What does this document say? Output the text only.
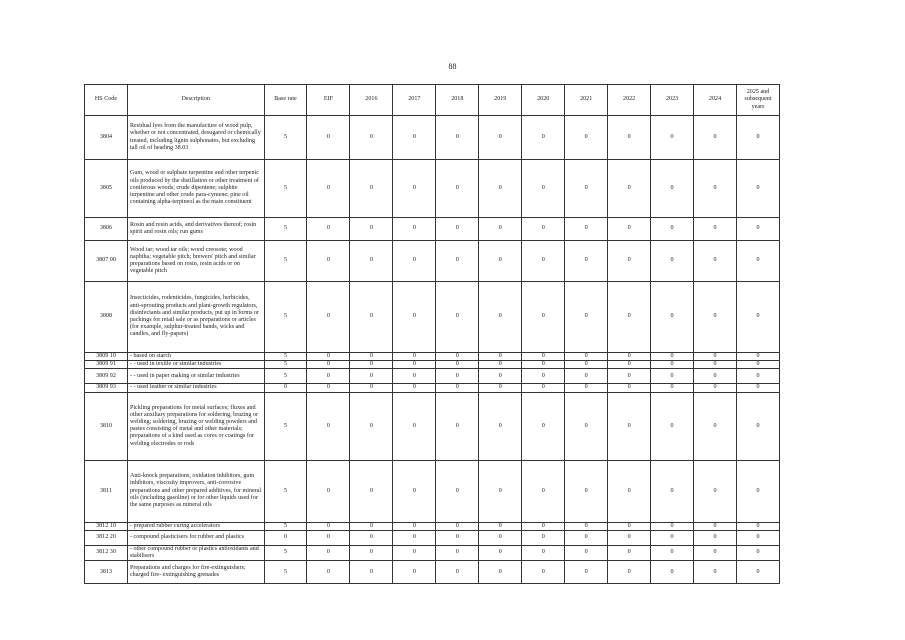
88
HS Code	Description	Base rate	EIF	2016	2017	2018	2019	2020	2021	2022	2023	2024	2025 and subsequent years
3804	Residual lyes from the manufacture of wood pulp, whether or not concentrated, desugared or chemically treated, including lignin sulphonates, but excluding tall oil of heading 38.03	5	0	0	0	0	0	0	0	0	0	0	0
3805	Gum, wood or sulphate turpentine and other terpenic oils produced by the distillation or other treatment of coniferous woods; crude dipentene; sulphite turpentine and other crude para-cymene; pine oil containing alpha-terpineol as the main constituent	5	0	0	0	0	0	0	0	0	0	0	0
3806	Rosin and resin acids, and derivatives thereof; rosin spirit and rosin oils; run gums	5	0	0	0	0	0	0	0	0	0	0	0
3807 00	Wood tar; wood tar oils; wood creosote; wood naphtha; vegetable pitch; brewers' pitch and similar preparations based on rosin, resin acids or on vegetable pitch	5	0	0	0	0	0	0	0	0	0	0	0
3808	Insecticides, rodenticides, fungicides, herbicides, anti-sprouting products and plant-growth regulators, disinfectants and similar products, put up in forms or packings for retail sale or as preparations or articles (for example, sulphur-treated bands, wicks and candles, and fly-papers)	5	0	0	0	0	0	0	0	0	0	0	0
3809 10	- based on starch	5	0	0	0	0	0	0	0	0	0	0	0
3809 91	- - used in textile or similar industries	5	0	0	0	0	0	0	0	0	0	0	0
3809 92	- - used in paper making or similar industries	5	0	0	0	0	0	0	0	0	0	0	0
3809 93	- - used leather or similar industries	0	0	0	0	0	0	0	0	0	0	0	0
3810	Pickling preparations for metal surfaces; fluxes and other auxiliary preparations for soldering, brazing or welding; soldering, brazing or welding powders and pastes consisting of metal and other materials; preparations of a kind used as cores or coatings for welding electrodes or rods	5	0	0	0	0	0	0	0	0	0	0	0
3811	Anti-knock preparations, oxidation inhibitors, gum inhibitors, viscosity improvers, anti-corrosive preparations and other prepared additives, for mineral oils (including gasoline) or for other liquids used for the same purposes as mineral oils	5	0	0	0	0	0	0	0	0	0	0	0
3812 10	- prepared rubber curing accelerators	5	0	0	0	0	0	0	0	0	0	0	0
3812 20	- compound plasticisers for rubber and plastics	0	0	0	0	0	0	0	0	0	0	0	0
3812 30	- other compound rubber or plastics antioxidants and stabilisers	5	0	0	0	0	0	0	0	0	0	0	0
3813	Preparations and charges for fire-extinguishers; charged fire- extinguishing grenades	5	0	0	0	0	0	0	0	0	0	0	0
